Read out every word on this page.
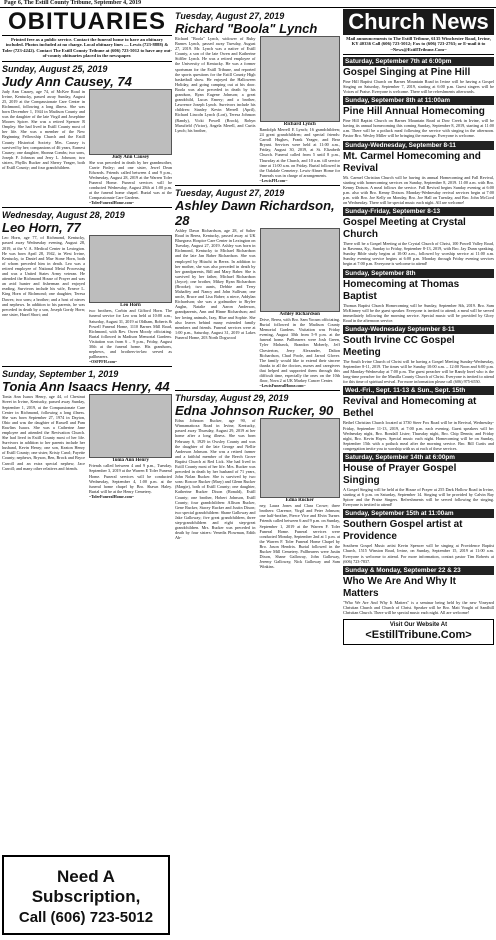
Page 6, The Estill County Tribune, September 4, 2019
OBITUARIES
Printed free as a public service. Contact the funeral home to have an obituary included. Photos included at no charge. Local obituary lines — Lewis (723-8888) & Toler (723-4242). Contact The Estill County Tribune at (606) 723-5012 to have any out-of-county obituaries placed in the newspaper.
Sunday, August 25, 2019
Judy Ann Causey, 74
Judy Ann Causey, age 74, of McKee Road in Irvine, Kentucky, passed away Sunday, August 25, 2019 at the Compassionate Care Center in Richmond, following a long illness. She was born December 1, 1944 in Madison County and was the daughter of the late Virgil and Josephine Moores Spicer. She was a retired Spencer R Ompley. She had lived in Estill County most of her life. She was a member of the New Beginning Fellowship Church and the Estill County Historical Society. Mrs. Causey is survived by her; companions of 46 years, Earnest Causey; one daughter, Shonna Combs; two sons, Joseph F. Johnson and Jerry L. Johnson; two sisters, Phyllis Rucker and Sherry Yeager, both of Estill County; and four grandchildren.
Judy Ann Causey
She was preceded in death by her grandmother, Carrie Finley; and one sister, Jewel Dean Edwards. Friends called between 4 and 9 p.m., Wednesday, August 28, 2019 at the Warren Toler Funeral Home. Funeral services will be conducted Wednesday, August 28th at 1:00 p.m. at the funeral home chapel. Burial was at the Compassionate Care Gardens.
~TolerFuneralHome.com~
Wednesday, August 28, 2019
Leo Horn, 77
Leo Horn, age 77, of Richmond, Kentucky, passed away Wednesday evening, August 28, 2019, at the V. A. Medical Center in Lexington. He was born April 28, 1942, in West Irvine, Kentucky, to Daniel and Mae Stone Horn, both of whom preceded him in death. Leo was a retired employee of National Metal Processing and was a United States Army veteran. He attended the Richmond House of Prayer and was an avid hunter and fisherman and enjoyed reading. Survivors include his wife, Ernece L. King Horn of Richmond; one daughter, Teresa Dawes; two sons; a brother; and a host of nieces and nephews. In addition to his parents, he was preceded in death by a son, Joseph Gordy Horn; one sister, Hazel Short; and
Leo Horn
two brothers, Corbin and Gifford Horn. The funeral service for Leo was held at 10:00 a.m., Saturday, August 31, 2019 at Oldham, Roberts & Powell Funeral Home, 1110 Barnes Mill Road, Richmond, with Rev. Owen Moody officiating. Burial followed in Madison Memorial Gardens. Visitation was from 6 – 9 p.m., Friday, August 30th at the funeral home. His grandsons, nephews, and brothers-in-law served as pallbearers.
~OSFPFH.com~
Sunday, September 1, 2019
Tonia Ann Isaacs Henry, 44
Tonia Ann Isaacs Henry, age 44, of Chestnut Street in Irvine, Kentucky, passed away Sunday, September 1, 2019, at the Compassionate Care Center in Richmond, following a long illness. She was born September 27, 1974 in Dayton, Ohio and was the daughter of Russell and Pam Rawlins Isaacs. She was a Catherine Jane employee and attended the Revivation Church. She had lived in Estill County most of her life. Survivors in addition to her parents include her husband, Kevin Henry; one son, Keaton Henry of Estill County; one sister, Kristy Carol; Fayette County; nephews, Bryson, Ben, Brock and Bryce Carroll and an extra special nephew, Jace Carroll; and many other relatives and friends.
Tonia Ann Henry
Friends called between 4 and 9 p.m., Tuesday, September 3, 2019 at the Warren E Toler Funeral Home. Funeral services will be conducted Wednesday, September 4, 1:00 p.m. at the funeral home chapel by Bro. Shawn Haley. Burial will be at the Henry Cemetery.
~TolerFuneralHome.com~
Need A Subscription,
Call (606) 723-5012
Tuesday, August 27, 2019
Richard "Boola" Lynch
Richard "Boola" Lynch, widower of Ruby Barnes Lynch, passed away Tuesday, August 27, 2019. Mr. Lynch was a native of Estill County, a son of the late Owen and Katherine Stiffler Lynch. He was a retired employee of the University of Kentucky. He was a former sportsman for the Estill Tribune, and reported the sports questions for the Estill County High basketball show. He enjoyed the Halloween Holiday, and going camping out at his door. Boola was also preceded in death by his grandson, Ryan Eugene Johnson; a great grandchild, Lucas Emery; and a brother, Lawrence Joseph Lynch. Survivors include his children: Stanley Kevin Merrell (April), Richard Lincoln Lynch (Lori), Teresa Johnson (Randy), Vicki Powell (Brock), Robyn Mussfield (Victor), Angela Merell, and Curtis Lynch; his brother,
Richard Lynch
Randolph Merrell E Lynch; 16 grandchildren; 24 great grandchildren; and special friends: Carroll Hughes, Frank Yeager, and Bear Bryant. Services were held at 11:00 a.m., Friday, August 30, 2019, at St. Elizabeth Church. Funeral called from 5 until 8 p.m., Thursday at the Church, and 10 a.m. till service time at 11:00 a.m. on Friday. Burial followed in the Oakdale Cemetery. Lewis-Abner Home for Funerals was in charge of arrangements.
~LewisFH.com~
Tuesday, August 27, 2019
Ashley Dawn Richardson, 28
Ashley Dawn Richardson, age 28, of Salter Road in Berea, Kentucky, passed away at UK Bluegrass Hospice Care Center in Lexington on Tuesday, August 27, 2019. Ashley was born in Richmond, Kentucky to Michael Richardson and the late Jan Baber Richardson. She was employed by Hitachi in Berea. In addition to her mother, she was also preceded in death by her grandparents, Bill and Mary Baber. She is survived by her father, Michael Richardson (Joyce); one brother, Mikey Ryan Richardson (Brooke); two aunts, Debbie and Terry Mahaffey and Nancy and John Sullivan; one uncle, Bruce and Lisa Baber; a niece, Addylan Richardson; she was a godmother to Brylee Aughn, Natalie and Aaron Anderson, grandparents, Ann and Hinne Richardson; and her loving animals, Izzy, Blue and Sophie. She also leaves behind many extended family members and friends. Funeral services were at 1:00 p.m., Saturday, August 31, 2019 at Lakes Funeral Home, 203 North Dogwood
Ashley Richardson
Drive, Berea, with Bro. Sam Yocum officiating. Burial followed in the Madison County Memorial Gardens. Visitation was Friday evening, August 30th from 5-9 p.m. at the funeral home. Pallbearers were Josh Green, Tyler Mohawk, Brandon Moberly, Jeff Chesterton, Jerry Alexander, Dalton Richardson, Chad Poole, and Jarrod Glover. The family would like to extend their sincere thanks to all the doctors, nurses and caregivers that helped and supported them through this difficult time, especially the ones on the 10th floor, Nova 2 at UK Markey Cancer Center.
~LewisFuneralHome.com~
Thursday, August 29, 2019
Edna Johnson Rucker, 90
Edna Johnson Rucker, age 90, of Winnamattoxa Road in Irvine, Kentucky, passed away Thursday, August 29, 2019 at her home after a long illness. She was born February 6, 1929 in Owsley County and was the daughter of the late George and Nellie Anderson Johnson. She was a retired farmer and a faithful member of the Beech Grove Baptist Church at Red Lick. She had lived in Estill County most of her life. Mrs. Rucker was preceded in death by her husband of 71 years, John Nolan Rucker. She is survived by two sons: Roscoe Rucker (Mary) and Glenn Rucker (Margie), both of Estill County; one daughter, Katherine Rucker Dixon (Ronald), Estill County; one brother, Hobert Johnson, Estill County; four grandchildren: Allison Rucker, Gene Rucker, Stacey Rucker and Justin Dixon; two special grandchildren: Shane Galloway and Jake Galloway; five great grandchildren, three step-grandchildren and eight step-great grandchildren. Mrs. Rucker was preceded in death by four sisters: Venedis Plowman, Edith Ab-
Edna Rucker
ney, Laura Jones and Clara Crowe; three brothers: Clarence, Virgil and Peter Johnson; one half-brother, Pierce Vice and Elvin Turner. Friends called between 6 and 9 p.m. on Sunday, September 1, 2019 at the Warren F. Toler Funeral Home. Funeral services were conducted Monday, September 2nd at 1 p.m. at the Warren F. Toler Funeral Home Chapel by Bro. Jason Hendrix. Burial followed in the Rucker Mill Cemetery. Pallbearers were Justin Dixon, Shane Galloway, John Galloway, Jeremy Galloway, Nick Galloway and Sam Winkins.
Church News
Mail announcements to The Estill Tribune, 6135 Winchester Road, Irvine, KY 40336 Call (606) 723-5012; Fax to (606) 723-2763; or E-mail it to ~News@EstillTribune.Com~
Saturday, September 7th at 6:00pm
Gospel Singing at Pine Hill
Pine Hill Baptist Church on Barnes Mountain Road in Irvine will be having a Gospel Singing on Saturday, September 7, 2019, starting at 6:00 p.m. Guest singers will be Voices of Praise. Everyone is welcome. There will be refreshments afterwards.
Sunday, September 8th at 11:00am
Pine Hill Annual Homecoming
Pine Hill Baptist Church on Barnes Mountain Road at Dow Creek in Irvine, will be having its annual homecoming this coming Sunday, September 8, 2019, starting at 11:00 a.m. There will be a potluck meal following the service with singing in the afternoon. Pastor Bro. Wesley Miller will be bringing the message. Everyone is welcome.
Sunday-Wednesday, September 8-11
Mt. Carmel Homecoming and Revival
Mt. Carmel Christian Church will be having its annual Homecoming and Fall Revival, starting with homecoming services on Sunday, September 8, 2019. 11:00 a.m. with Bro. Kenny Dotson. A meal follows the service. Fall Revival begins Sunday evening at 6:00 p.m. also with Bro. Kenny Dotson. Monday-Wednesday revival services begin at 7:00 p.m. with Bro. Joe Kelly on Monday, Bro. Joe Hall on Tuesday, and Bro. John McCord on Wednesday. There will be special music each night. All are welcome!
Sunday-Friday, September 8-13
Gospel Meeting at Crystal Church
There will be a Gospel Meeting at the Crystal Church of Christ, 100 Powell Valley Road, in Ravenna, Ky., Sunday to Friday, September 8-13, 2019, with Bro. Jay Dunn speaking. Sunday Bible study begins at 10:00 a.m., followed by worship service at 11:00 a.m. Sunday evening service begins at 6:00 p.m. Monday through Friday evening services begin at 7:00 p.m. Everyone is welcome to attend!
Sunday, September 8th
Homecoming at Thomas Baptist
Thomas Baptist Church Homecoming will be Sunday, September 8th, 2019. Bro. Sam McKinney will be the guest speaker. Everyone is invited to attend; a meal will be served immediately following the morning service. Special music will be provided by Glory Road in the afternoon service.
Sunday-Wednesday September 8-11
South Irvine CC Gospel Meeting
The South Irvine Church of Christ will be having a Gospel Meeting Sunday-Wednesday, September 8-11, 2019. The times will be Sunday 10:00 a.m. – 12:00 Noon and 6:00 p.m. and Monday-Wednesday at 7:00 p.m. The guest preacher will be Randy Inrel who is the long-time preacher for the Manilla County Church of Christ. Everyone is invited to attend for this time of spiritual revival. For more information please call (606) 975-6550.
Wed.-Fri., Sept. 11-13 & Sun., Sept. 15th
Revival and Homecoming at Bethel
Bethel Christian Church located at 3730 Steer Fox Road will be in Revival, Wednesday-Friday, September 11-13, 2019, at 7:00 p.m. each evening. Guest speakers will be: Wednesday night, Bro. Rondall Lister; Thursday night, Bro. Chip Dennis; and Friday night, Bro. Kevin Hayes. Special music each night. Homecoming will be on Sunday, September 15th with a potluck meal after the morning service. Bro. Bill Curtis and congregation invite you to worship with us at each of these services.
Saturday, September 14th at 6:00pm
House of Prayer Gospel Singing
A Gospel Singing will be held at the House of Prayer at 255 Dark Hollow Road in Irvine, starting at 6 p.m. on Saturday, September 14. Singing will be provided by Calvin Ray Spicer and the Praise Singers. Refreshments will be served following the singing. Everyone is invited to attend!
Sunday, September 15th at 11:00am
Southern Gospel artist at Providence
Southern Gospel Music artist Kevin Spencer will be singing at Providence Baptist Church, 1515 Winston Road, Irvine, on Sunday, September 15, 2019 at 11:00 a.m. Everyone is welcome to attend. For more information, contact pastor Tim Roberts at (606) 723-7837.
Sunday & Monday, September 22 & 23
Who We Are And Why It Matters
"Who We Are And Why It Matters" is a seminar being held by the new Vineyard Christian Church and Church of Christ. Speaker will be Bro. Matt Vought of Sandhill Christian Church. There will be special music each night. All are welcome!
Visit Our Website At
<EstillTribune.Com>
